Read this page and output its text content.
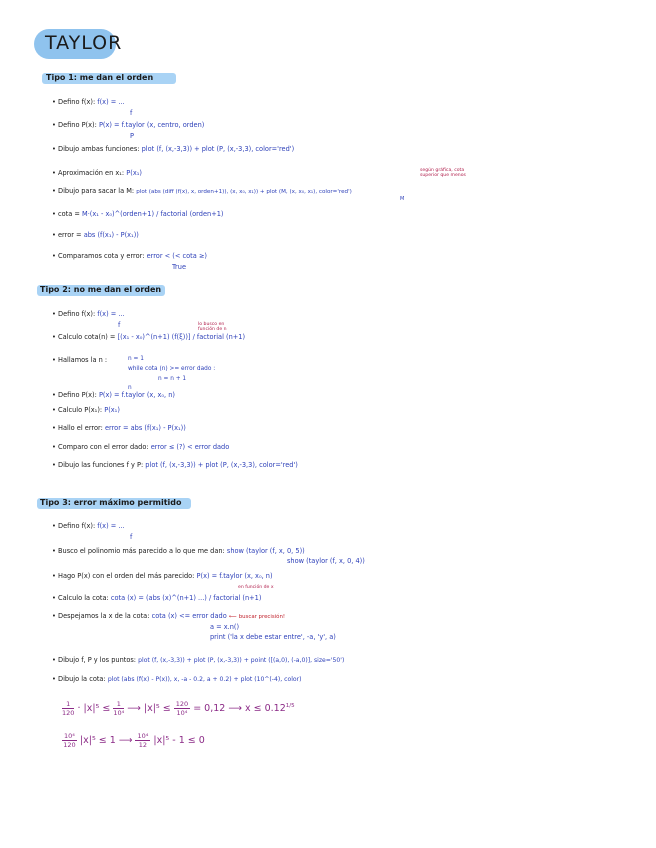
TAYLOR
Tipo 1: me dan el orden
• Defino f(x): f(x) = ...
f
• Defino P(x): P(x) = f.taylor (x, centro, orden)
P
• Dibujo ambas funciones: plot (f, (x,-3,3)) + plot (P, (x,-3,3), color='red')
• Aproximación en x₁: P(x₁)	según gráfica, cota superior que menos
• Dibujo para sacar la M: plot (abs (diff (f(x), x, orden+1)), (x, x₀, x₁)) + plot (M, (x, x₀, x₁), color='red')
M
• cota = M·(x₁ - x₀)^(orden+1) / factorial (orden+1)
• error = abs (f(x₁) - P(x₁))
• Comparamos cota y error: error < (< cota ≥)
True
Tipo 2: no me dan el orden
• Defino f(x): f(x) = ...
f	lo busco en función de n
• Calculo cota(n) = [(x₁ - x₀)^(n+1) (f(ξ))] / factorial (n+1)
• Hallamos la n :	n = 1
while cota (n) >= error dado :
n = n + 1
n
• Defino P(x): P(x) = f.taylor (x, x₀, n)
• Calculo P(x₁): P(x₁)
• Hallo el error: error = abs (f(x₁) - P(x₁))
• Comparo con el error dado: error ≤ (?) < error dado
• Dibujo las funciones f y P: plot (f, (x,-3,3)) + plot (P, (x,-3,3), color='red')
Tipo 3: error máximo permitido
• Defino f(x): f(x) = ...
f
• Busco el polinomio más parecido a lo que me dan: show (taylor (f, x, 0, 5))
show (taylor (f, x, 0, 4))
• Hago P(x) con el orden del más parecido: P(x) = f.taylor (x, x₀, n)
en función de x
• Calculo la cota: cota (x) = (abs (x)^(n+1) ...) / factorial (n+1)
• Despejamos la x de la cota: cota (x) <= error dado ⟵ buscar precisión!
a = x.n()
print ('la x debe estar entre', -a, 'y', a)
• Dibujo f, P y los puntos: plot (f, (x,-3,3)) + plot (P, (x,-3,3)) + point ([(a,0), (-a,0)], size='50')
• Dibujo la cota: plot (abs (f(x) - P(x)), x, -a - 0.2, a + 0.2) + plot (10^(-4), color)
$\frac{1}{120} \cdot |x|^5 \le \frac{1}{\text{10⁴}}$ ⟶ $|x|^5 \le \frac{120}{\text{10⁴}} = 0,12$ ⟶ $x \le 0.12^{1/5}$
$\frac{\text{10⁴}}{120} |x|^5 \le 1$ ⟶ $\frac{\text{10⁴}}{12} |x|^5 - 1 \le 0$
